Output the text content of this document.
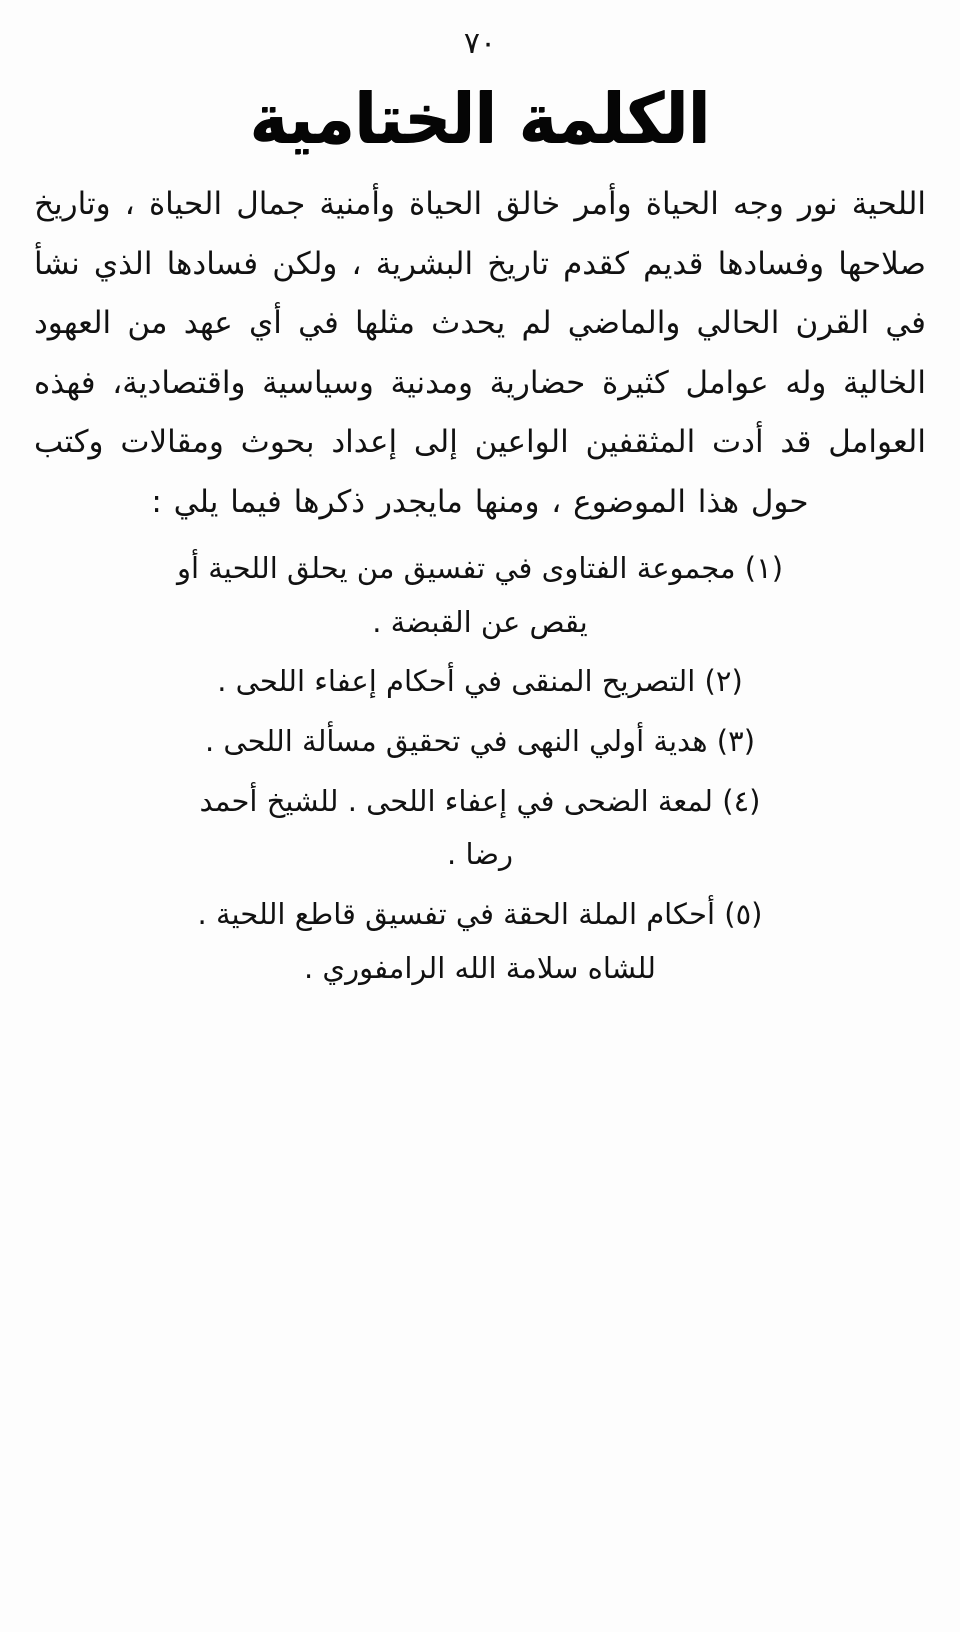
٧٠
الكلمة الختامية

اللحية نور وجه الحياة وأمر خالق الحياة وأمنية جمال الحياة ، وتاريخ صلاحها وفسادها قديم كقدم تاريخ البشرية ، ولكن فسادها الذي نشأ في القرن الحالي والماضي لم يحدث مثلها في أي عهد من العهود الخالية وله عوامل كثيرة حضارية ومدنية وسياسية واقتصادية، فهذه العوامل قد أدت المثقفين الواعين إلى إعداد بحوث ومقالات وكتب حول هذا الموضوع ، ومنها مايجدر ذكرها فيما يلي :

(١) مجموعة الفتاوى في تفسيق من يحلق اللحية أو
يقص عن القبضة .
(٢) التصريح المنقى في أحكام إعفاء اللحى .
(٣) هدية أولي النهى في تحقيق مسألة اللحى .
(٤) لمعة الضحى في إعفاء اللحى . للشيخ أحمد
رضا .
(٥) أحكام الملة الحقة في تفسيق قاطع اللحية .
للشاه سلامة الله الرامفوري .
